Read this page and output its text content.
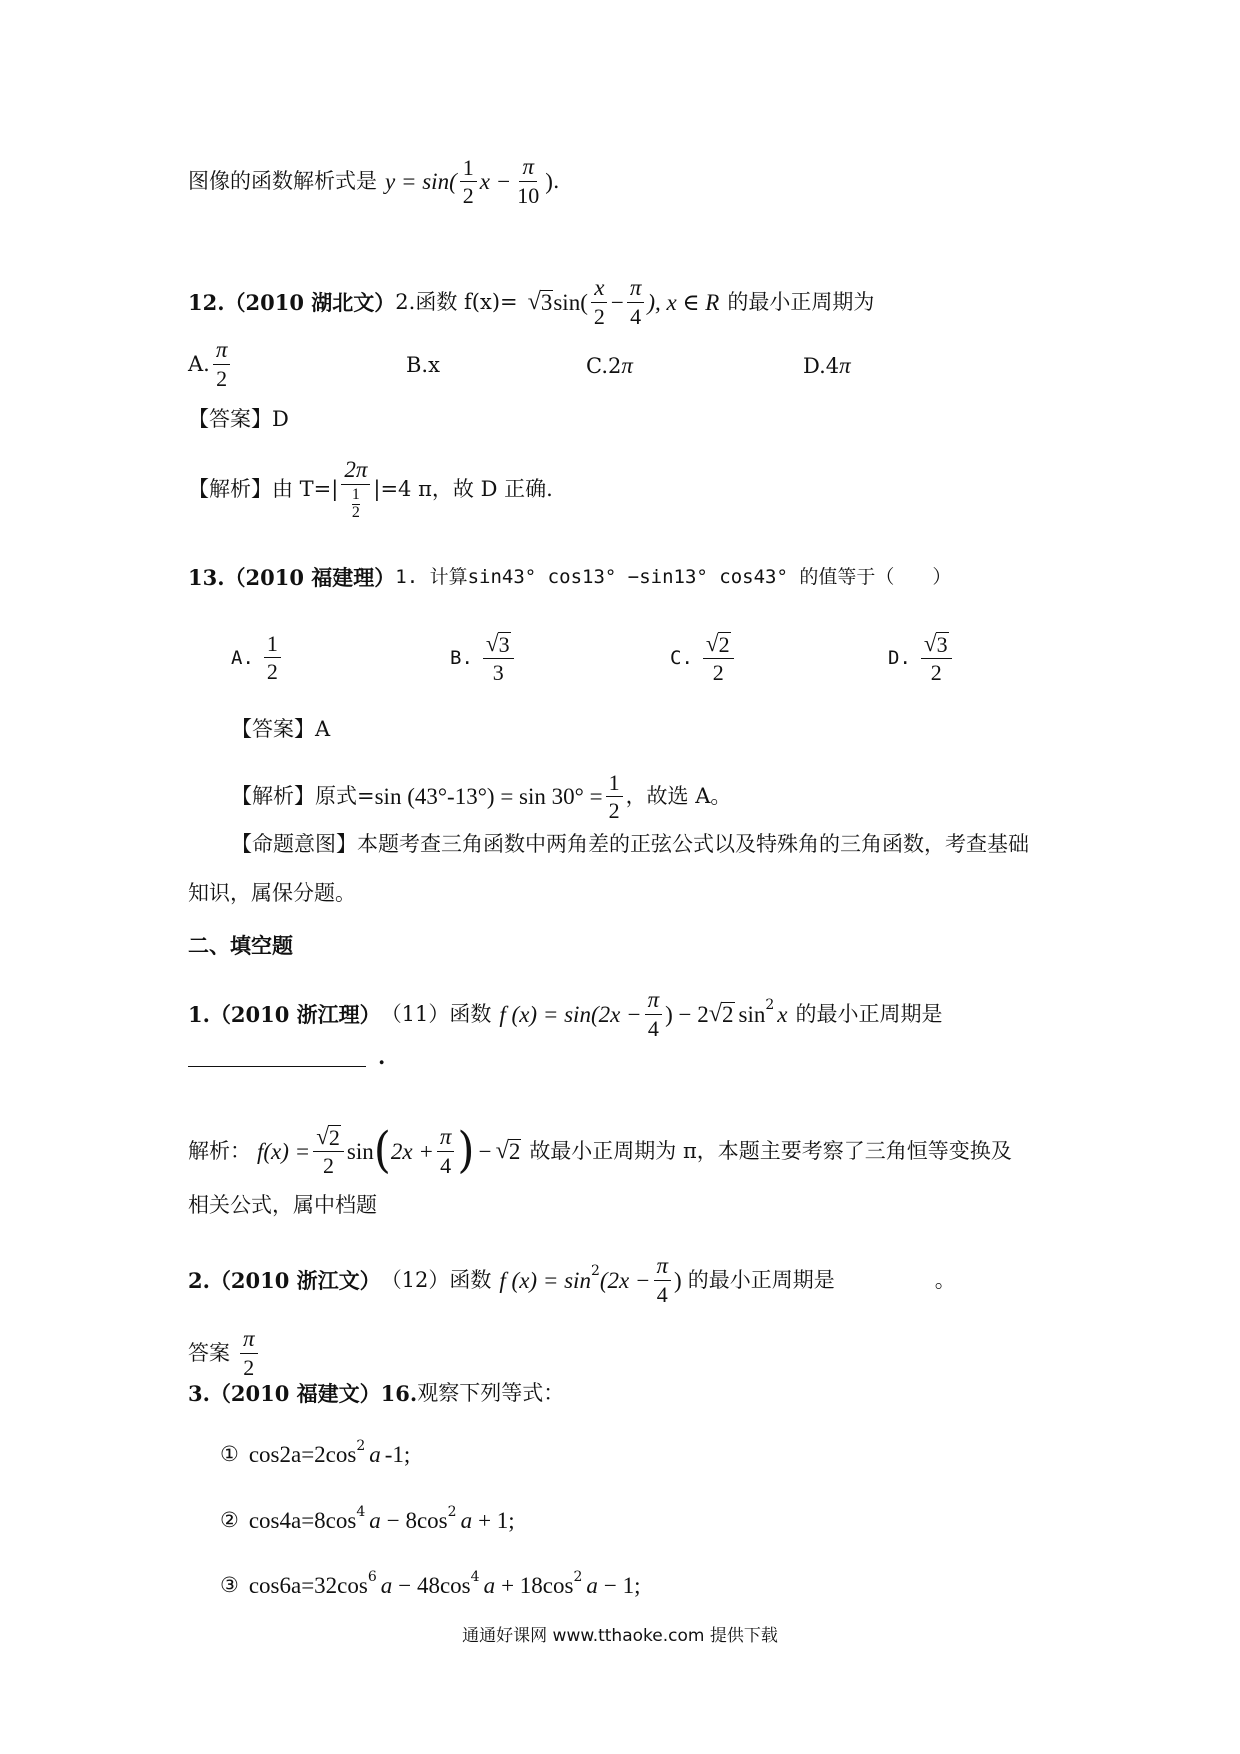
图像的函数解析式是 $y = \sin( \frac{1}{2}$ $x - \frac{\pi}{10}$ ) .
12.（2010 湖北文） 2.函数 f(x)= √ 3 $\sin( \frac{x}{2} - \frac{\pi}{4}$ ), x ∈ R 的最小正周期为
A. $\frac{\pi}{2}$	B.x	C.2 π	D.4 π
【答案】D
【解析】由 T=| 2π
1
2 |=4 π，故 D 正确.
13.（2010 福建理） 1. 计算sin43° cos13° −sin13° cos43° 的值等于（　　）
A. $\frac{1}{2}$	B. $\frac{√ 3}{3}$	C. $\frac{√ 2}{2}$	D. $\frac{√ 3}{2}$
【答案】A
【解析】原式= $\sin (43^\circ-13^\circ) = \sin 30^\circ = \frac{1}{2}$ ，故选 A。
【命题意图】本题考查三角函数中两角差的正弦公式以及特殊角的三角函数，考查基础
知识，属保分题。
二、填空题
1.（2010 浙江理） （11）函数 f $(x) = \sin(2x - \frac{\pi}{4}$ ) − 2 √ 2 sin 2 x 的最小正周期是
.
解析： $f(x) = \frac{√ 2}{2}$ sin ( $2x + \frac{\pi}{4}$ ) − √ 2 故最小正周期为 π，本题主要考察了三角恒等变换及
相关公式，属中档题
2.（2010 浙江文） （12）函数 f (x) = sin 2 ($2x - \frac{\pi}{4}$ ) 的最小正周期是	。
答案 $\frac{\pi}{2}$
3.（2010 福建文）16. 观察下列等式：
① cos2a=2cos 2 a -1;
② cos4a=8cos 4 a − 8cos 2 a + 1;
③ cos6a=32cos 6 a − 48cos 4 a + 18cos 2 a − 1;
通通好课网 www.tthaoke.com 提供下载
